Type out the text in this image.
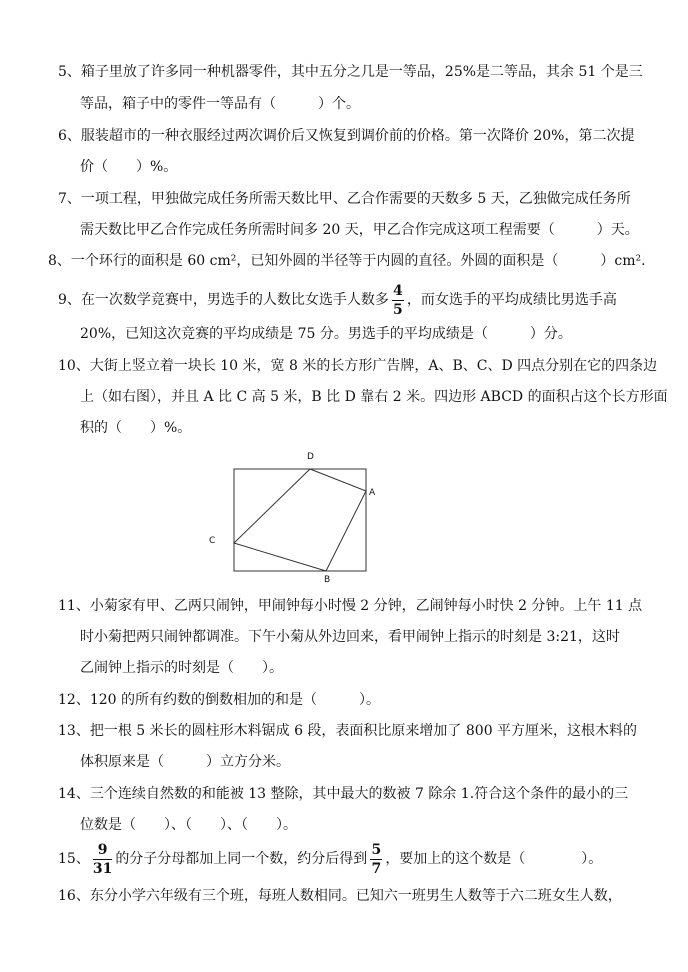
5、箱子里放了许多同一种机器零件，其中五分之几是一等品，25%是二等品，其余 51 个是三
等品，箱子中的零件一等品有（　　　）个。
6、服装超市的一种衣服经过两次调价后又恢复到调价前的价格。第一次降价 20%，第二次提
价（　　）%。
7、一项工程，甲独做完成任务所需天数比甲、乙合作需要的天数多 5 天，乙独做完成任务所
需天数比甲乙合作完成任务所需时间多 20 天，甲乙合作完成这项工程需要（　　　）天。
8、一个环行的面积是 60 cm²，已知外圆的半径等于内圆的直径。外圆的面积是（　　　）cm².
9、在一次数学竞赛中，男选手的人数比女选手人数多 $\frac{4}{5}$ ，而女选手的平均成绩比男选手高
20%，已知这次竞赛的平均成绩是 75 分。男选手的平均成绩是（　　　）分。
10、大街上竖立着一块长 10 米，宽 8 米的长方形广告牌，A、B、C、D 四点分别在它的四条边
上（如右图），并且 A 比 C 高 5 米，B 比 D 靠右 2 米。四边形 ABCD 的面积占这个长方形面
积的（　　）%。
D
A
B
C
11、小菊家有甲、乙两只闹钟，甲闹钟每小时慢 2 分钟，乙闹钟每小时快 2 分钟。上午 11 点
时小菊把两只闹钟都调准。下午小菊从外边回来，看甲闹钟上指示的时刻是 3:21，这时
乙闹钟上指示的时刻是（　　）。
12、120 的所有约数的倒数相加的和是（　　　）。
13、把一根 5 米长的圆柱形木料锯成 6 段，表面积比原来增加了 800 平方厘米，这根木料的
体积原来是（　　　）立方分米。
14、三个连续自然数的和能被 13 整除，其中最大的数被 7 除余 1.符合这个条件的最小的三
位数是（　　）、（　　）、（　　）。
15、 $\frac{9}{31}$ 的分子分母都加上同一个数，约分后得到 $\frac{5}{7}$ ，要加上的这个数是（　　　　）。
16、东分小学六年级有三个班，每班人数相同。已知六一班男生人数等于六二班女生人数，
